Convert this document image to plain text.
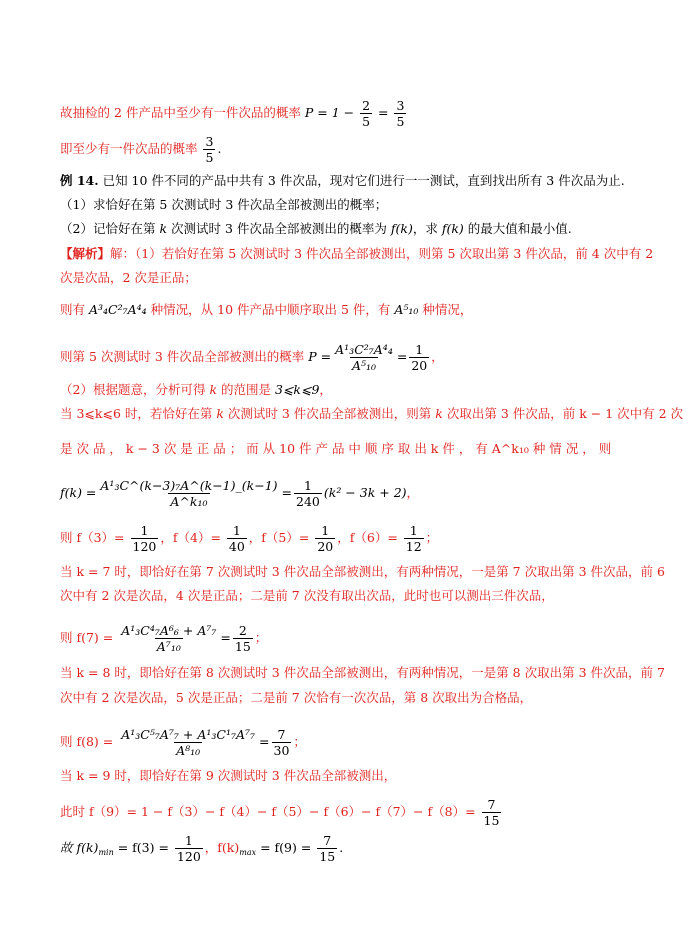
故抽检的 2 件产品中至少有一件次品的概率 $P = 1 - \frac{2}{5} = \frac{3}{5}$
即至少有一件次品的概率 $\frac{3}{5}$ .
例 14. 已知 10 件不同的产品中共有 3 件次品，现对它们进行一一测试，直到找出所有 3 件次品为止.
（1）求恰好在第 5 次测试时 3 件次品全部被测出的概率；
（2）记恰好在第 k 次测试时 3 件次品全部被测出的概率为 f(k)，求 f(k) 的最大值和最小值.
【解析】解：（1）若恰好在第 5 次测试时 3 件次品全部被测出，则第 5 次取出第 3 件次品，前 4 次中有 2
次是次品，2 次是正品；
则有 A³₄C²₇A⁴₄ 种情况，从 10 件产品中顺序取出 5 件，有 A⁵₁₀ 种情况，
则第 5 次测试时 3 件次品全部被测出的概率 $P = \frac{\text{A¹₃C²₇A⁴₄}}{\text{A⁵₁₀}} = \frac{1}{20}$ ，
（2）根据题意，分析可得 k 的范围是 3⩽k⩽9，
当 3⩽k⩽6 时，若恰好在第 k 次测试时 3 件次品全部被测出，则第 k 次取出第 3 件次品，前 k − 1 次中有 2 次
是 次 品 ， k − 3 次 是 正 品 ； 而 从 10 件 产 品 中 顺 序 取 出 k 件 ， 有 A^k₁₀ 种 情 况 ， 则
$f(k) = \frac{\text{A¹₃C\textasciicircum{}(k−3)₇A\textasciicircum{}(k−1)\_(k−1)}}{\text{A\textasciicircum{}k₁₀}} = \frac{1}{240} (k^2 - 3k + 2)$，
则 $f(3)= \frac{1}{120}$ ，$f(4)= \frac{1}{40}$ ，$f(5)= \frac{1}{20}$ ，$f(6)= \frac{1}{12}$ ；
当 k = 7 时，即恰好在第 7 次测试时 3 件次品全部被测出，有两种情况，一是第 7 次取出第 3 件次品，前 6
次中有 2 次是次品，4 次是正品；二是前 7 次没有取出次品，此时也可以测出三件次品，
则 $f(7) = \frac{\text{A¹₃C⁴₇A⁶₆ + A⁷₇}}{\text{A⁷₁₀}} = \frac{2}{15}$ ；
当 k = 8 时，即恰好在第 8 次测试时 3 件次品全部被测出，有两种情况，一是第 8 次取出第 3 件次品，前 7
次中有 2 次是次品，5 次是正品；二是前 7 次恰有一次次品，第 8 次取出为合格品，
则 $f(8) = \frac{\text{A¹₃C⁵₇A⁷₇ + A¹₃C¹₇A⁷₇}}{\text{A⁸₁₀}} = \frac{7}{30}$ ；
当 k = 9 时，即恰好在第 9 次测试时 3 件次品全部被测出，
此时 $f(9)= 1 - f(3)- f(4)- f(5)- f(6)- f(7)- f(8)= \frac{7}{15}$
故 $f(k)_{min} = f(3) = \frac{1}{120}$ ，$f(k)_{max} = f(9) = \frac{7}{15}$ .
